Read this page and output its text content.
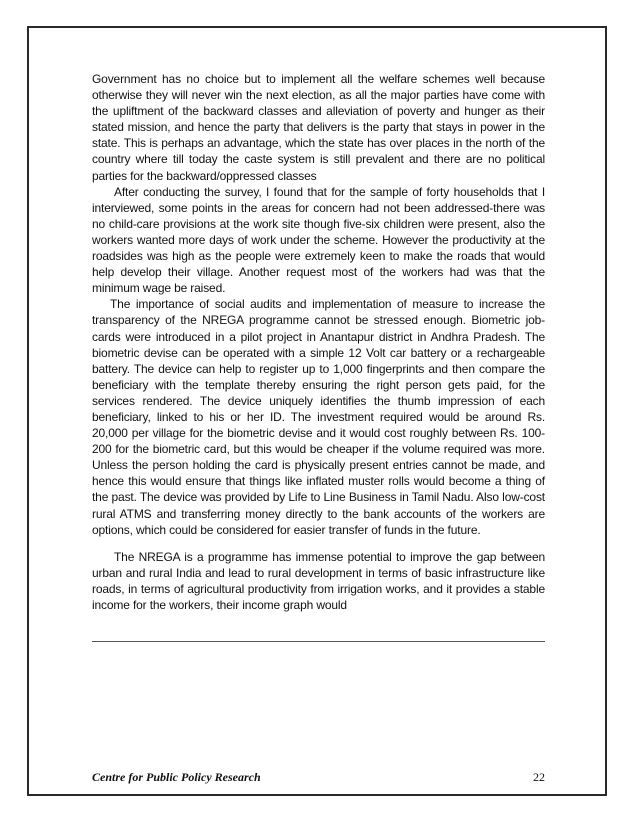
Government has no choice but to implement all the welfare schemes well because otherwise they will never win the next election, as all the major parties have come with the upliftment of the backward classes and alleviation of poverty and hunger as their stated mission, and hence the party that delivers is the party that stays in power in the state. This is perhaps an advantage, which the state has over places in the north of the country where till today the caste system is still prevalent and there are no political parties for the backward/oppressed classes

After conducting the survey, I found that for the sample of forty households that I interviewed, some points in the areas for concern had not been addressed-there was no child-care provisions at the work site though five-six children were present, also the workers wanted more days of work under the scheme. However the productivity at the roadsides was high as the people were extremely keen to make the roads that would help develop their village. Another request most of the workers had was that the minimum wage be raised.

The importance of social audits and implementation of measure to increase the transparency of the NREGA programme cannot be stressed enough. Biometric job-cards were introduced in a pilot project in Anantapur district in Andhra Pradesh. The biometric devise can be operated with a simple 12 Volt car battery or a rechargeable battery. The device can help to register up to 1,000 fingerprints and then compare the beneficiary with the template thereby ensuring the right person gets paid, for the services rendered. The device uniquely identifies the thumb impression of each beneficiary, linked to his or her ID. The investment required would be around Rs. 20,000 per village for the biometric devise and it would cost roughly between Rs. 100-200 for the biometric card, but this would be cheaper if the volume required was more. Unless the person holding the card is physically present entries cannot be made, and hence this would ensure that things like inflated muster rolls would become a thing of the past. The device was provided by Life to Line Business in Tamil Nadu. Also low-cost rural ATMS and transferring money directly to the bank accounts of the workers are options, which could be considered for easier transfer of funds in the future.

The NREGA is a programme has immense potential to improve the gap between urban and rural India and lead to rural development in terms of basic infrastructure like roads, in terms of agricultural productivity from irrigation works, and it provides a stable income for the workers, their income graph would

Centre for Public Policy Research	22
